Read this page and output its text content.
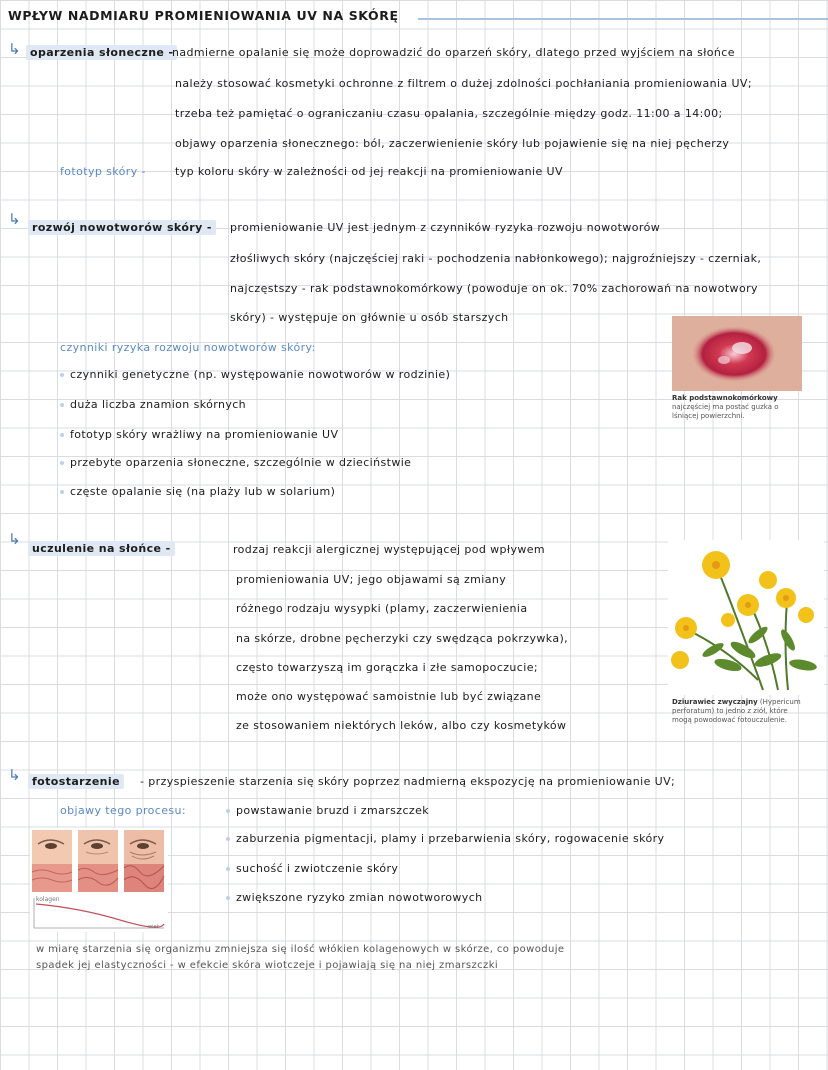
WPŁYW NADMIARU PROMIENIOWANIA UV NA SKÓRĘ
↳ oparzenia słoneczne -
nadmierne opalanie się może doprowadzić do oparzeń skóry, dlatego przed wyjściem na słońce
należy stosować kosmetyki ochronne z filtrem o dużej zdolności pochłaniania promieniowania UV;
trzeba też pamiętać o ograniczaniu czasu opalania, szczególnie między godz. 11:00 a 14:00;
objawy oparzenia słonecznego: ból, zaczerwienienie skóry lub pojawienie się na niej pęcherzy
fototyp skóry -	typ koloru skóry w zależności od jej reakcji na promieniowanie UV
↳	rozwój nowotworów skóry -	promieniowanie UV jest jednym z czynników ryzyka rozwoju nowotworów
złośliwych skóry (najczęściej raki - pochodzenia nabłonkowego); najgroźniejszy - czerniak,
najczęstszy - rak podstawnokomórkowy (powoduje on ok. 70% zachorowań na nowotwory
skóry) - występuje on głównie u osób starszych
czynniki ryzyka rozwoju nowotworów skóry:
czynniki genetyczne (np. występowanie nowotworów w rodzinie)
duża liczba znamion skórnych
fototyp skóry wrażliwy na promieniowanie UV
przebyte oparzenia słoneczne, szczególnie w dzieciństwie
częste opalanie się (na plaży lub w solarium)
Rak podstawnokomórkowy najczęściej ma postać guzka o lśniącej powierzchni.
↳
uczulenie na słońce -	rodzaj reakcji alergicznej występującej pod wpływem
promieniowania UV; jego objawami są zmiany
różnego rodzaju wysypki (plamy, zaczerwienienia
na skórze, drobne pęcherzyki czy swędząca pokrzywka),
często towarzyszą im gorączka i złe samopoczucie;
może ono występować samoistnie lub być związane
ze stosowaniem niektórych leków, albo czy kosmetyków
Dziurawiec zwyczajny (Hypericum perforatum) to jedno z ziół, które mogą powodować fotouczulenie.
↳	fotostarzenie	- przyspieszenie starzenia się skóry poprzez nadmierną ekspozycję na promieniowanie UV;
objawy tego procesu:	powstawanie bruzd i zmarszczek
zaburzenia pigmentacji, plamy i przebarwienia skóry, rogowacenie skóry
suchość i zwiotczenie skóry
zwiększone ryzyko zmian nowotworowych
kolagen
wiek
w miarę starzenia się organizmu zmniejsza się ilość włókien kolagenowych w skórze, co powoduje
spadek jej elastyczności - w efekcie skóra wiotczeje i pojawiają się na niej zmarszczki
